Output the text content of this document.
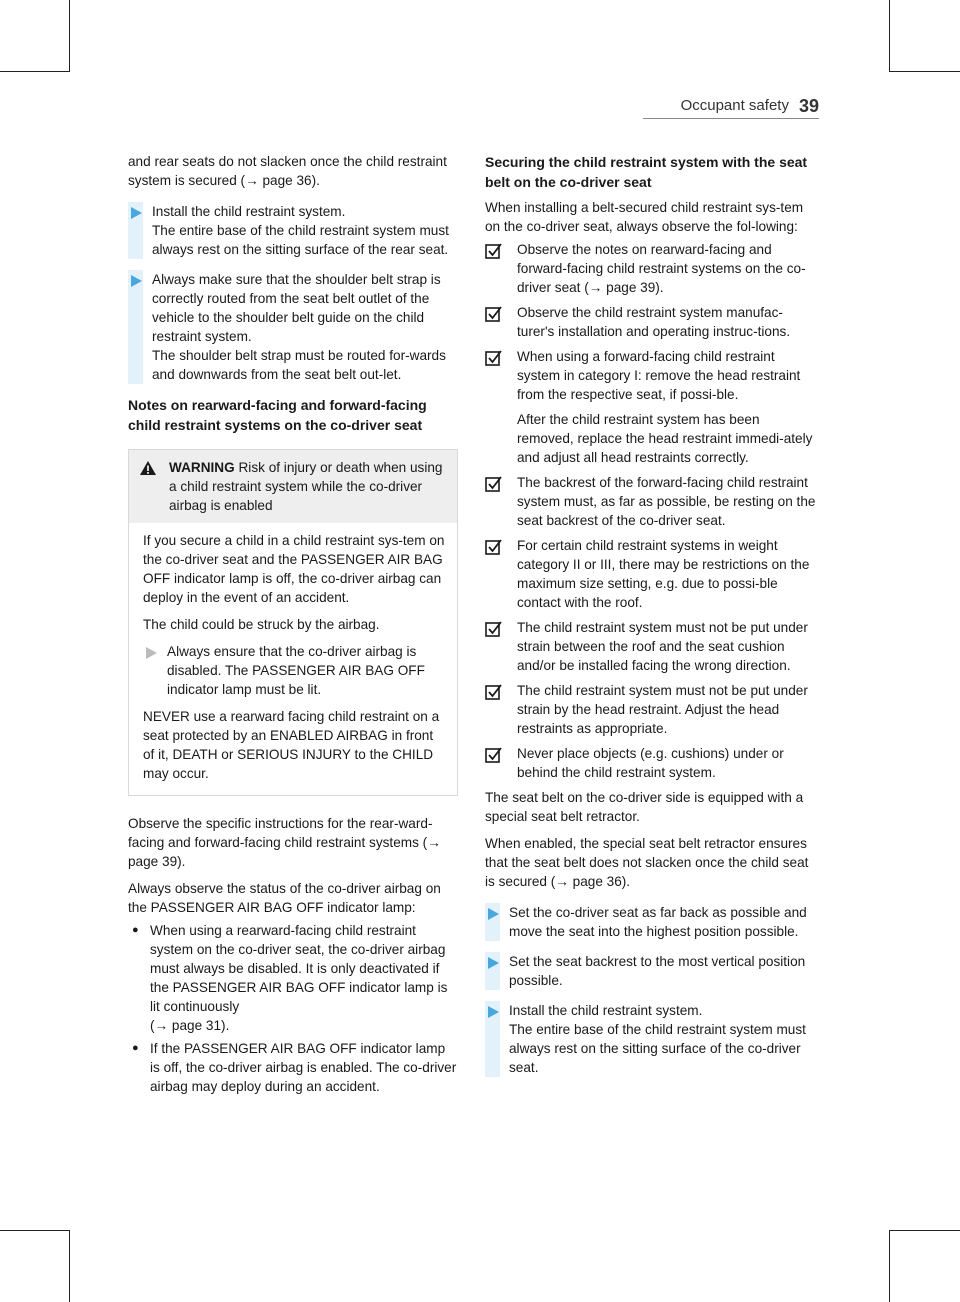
Occupant safety 39

and rear seats do not slacken once the child restraint system is secured (→ page 36).

Install the child restraint system.
The entire base of the child restraint system must always rest on the sitting surface of the rear seat.
Always make sure that the shoulder belt strap is correctly routed from the seat belt outlet of the vehicle to the shoulder belt guide on the child restraint system.
The shoulder belt strap must be routed for-wards and downwards from the seat belt out-let.
Notes on rearward-facing and forward-facing child restraint systems on the co-driver seat
WARNING Risk of injury or death when using a child restraint system while the co-driver airbag is enabled

If you secure a child in a child restraint sys-tem on the co-driver seat and the PASSENGER AIR BAG OFF indicator lamp is off, the co-driver airbag can deploy in the event of an accident.

The child could be struck by the airbag.

Always ensure that the co-driver airbag is disabled. The PASSENGER AIR BAG OFF indicator lamp must be lit.

NEVER use a rearward facing child restraint on a seat protected by an ENABLED AIRBAG in front of it, DEATH or SERIOUS INJURY to the CHILD may occur.

Observe the specific instructions for the rear-ward-facing and forward-facing child restraint systems (→ page 39).

Always observe the status of the co-driver airbag on the PASSENGER AIR BAG OFF indicator lamp:

● When using a rearward-facing child restraint system on the co-driver seat, the co-driver airbag must always be disabled. It is only deactivated if the PASSENGER AIR BAG OFF indicator lamp is lit continuously
(→ page 31).
● If the PASSENGER AIR BAG OFF indicator lamp is off, the co-driver airbag is enabled. The co-driver airbag may deploy during an accident.
Securing the child restraint system with the seat belt on the co-driver seat

When installing a belt-secured child restraint sys-tem on the co-driver seat, always observe the fol-lowing:

Observe the notes on rearward-facing and forward-facing child restraint systems on the co-driver seat (→ page 39).
Observe the child restraint system manufac-turer's installation and operating instruc-tions.
When using a forward-facing child restraint system in category I: remove the head restraint from the respective seat, if possi-ble.
After the child restraint system has been removed, replace the head restraint immedi-ately and adjust all head restraints correctly.
The backrest of the forward-facing child restraint system must, as far as possible, be resting on the seat backrest of the co-driver seat.
For certain child restraint systems in weight category II or III, there may be restrictions on the maximum size setting, e.g. due to possi-ble contact with the roof.
The child restraint system must not be put under strain between the roof and the seat cushion and/or be installed facing the wrong direction.
The child restraint system must not be put under strain by the head restraint. Adjust the head restraints as appropriate.
Never place objects (e.g. cushions) under or behind the child restraint system.

The seat belt on the co-driver side is equipped with a special seat belt retractor.

When enabled, the special seat belt retractor ensures that the seat belt does not slacken once the child seat is secured (→ page 36).

Set the co-driver seat as far back as possible and move the seat into the highest position possible.
Set the seat backrest to the most vertical position possible.
Install the child restraint system.
The entire base of the child restraint system must always rest on the sitting surface of the co-driver seat.
